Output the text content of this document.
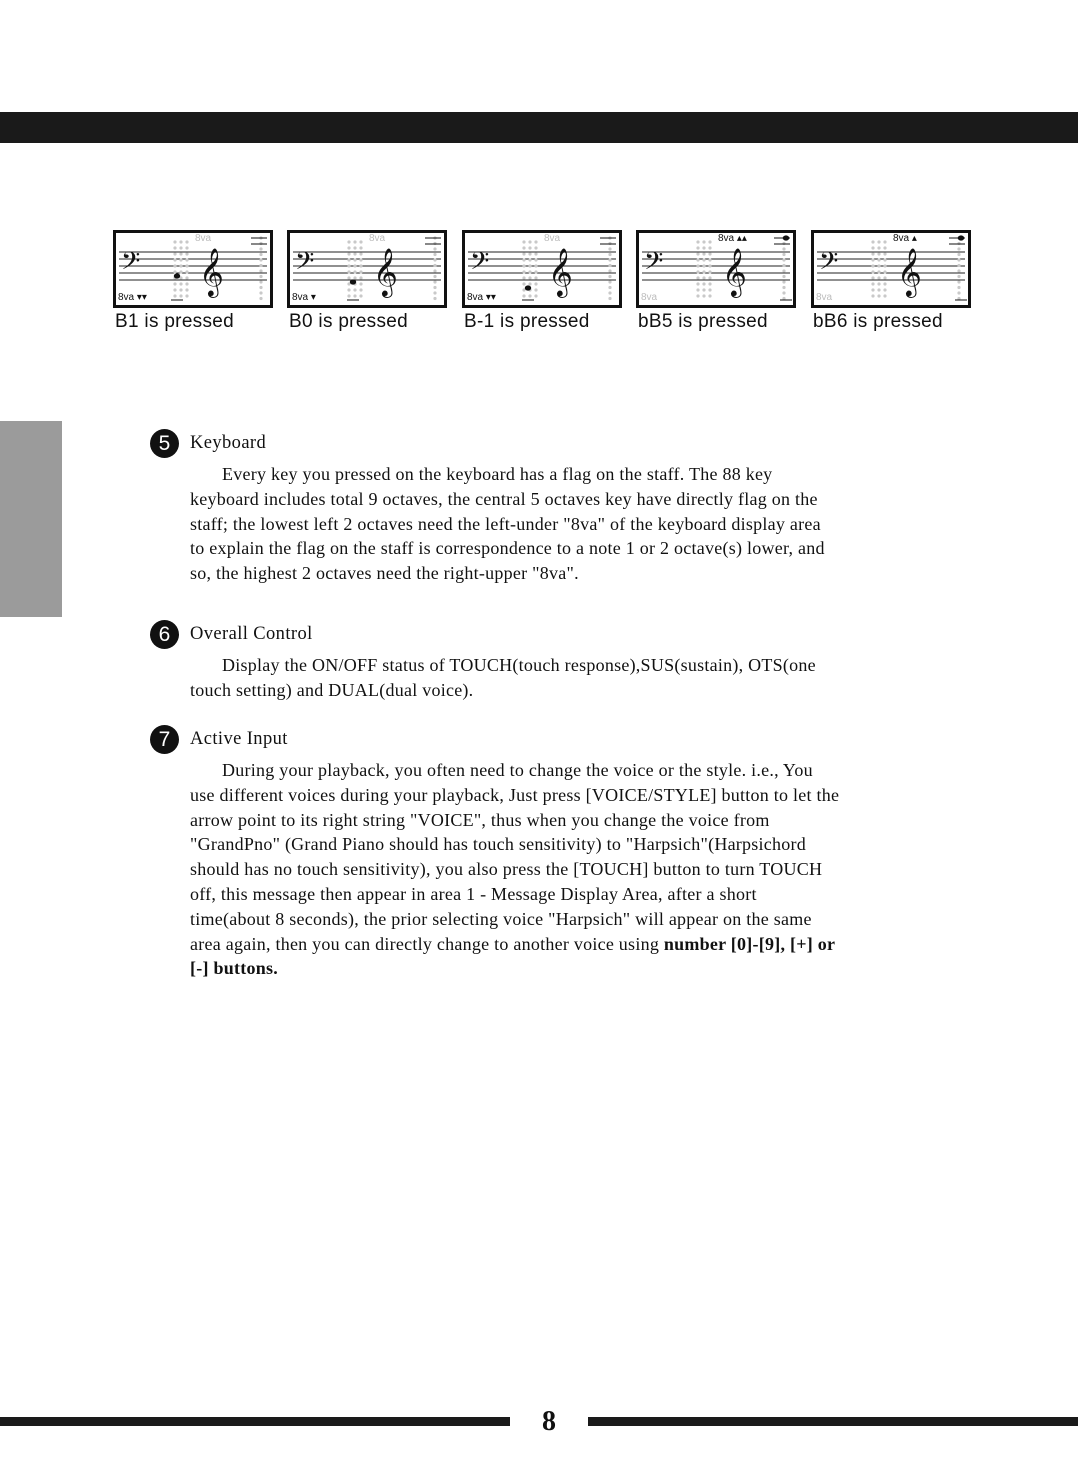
𝄢 𝄞
8va ▾▾
8va
B1 is pressed
𝄢 𝄞
8va ▾
8va
B0 is pressed
𝄢 𝄞
8va ▾▾
8va
B-1 is pressed
𝄢 𝄞
8va
8va ▴▴
bB5 is pressed
𝄢 𝄞
8va
8va ▴
bB6 is pressed
5	Keyboard
Every key you pressed on the keyboard has a flag on the staff. The 88 key keyboard includes total 9 octaves, the central 5 octaves key have directly flag on the staff; the lowest left 2 octaves need the left-under "8va" of the keyboard display area to explain the flag on the staff is correspondence to a note 1 or 2 octave(s) lower, and so, the highest 2 octaves need the right-upper "8va".
6	Overall Control
Display the ON/OFF status of TOUCH(touch response),SUS(sustain), OTS(one touch setting) and DUAL(dual voice).
7	Active Input
During your playback, you often need to change the voice or the style. i.e., You use different voices during your playback, Just press [VOICE/STYLE] button to let the arrow point to its right string "VOICE", thus when you change the voice from "GrandPno" (Grand Piano should has touch sensitivity) to "Harpsich"(Harpsichord should has no touch sensitivity), you also press the [TOUCH] button to turn TOUCH off, this message then appear in area 1 - Message Display Area, after a short time(about 8 seconds), the prior selecting voice "Harpsich" will appear on the same area again, then you can directly change to another voice using number [0]-[9], [+] or [-] buttons.
8
